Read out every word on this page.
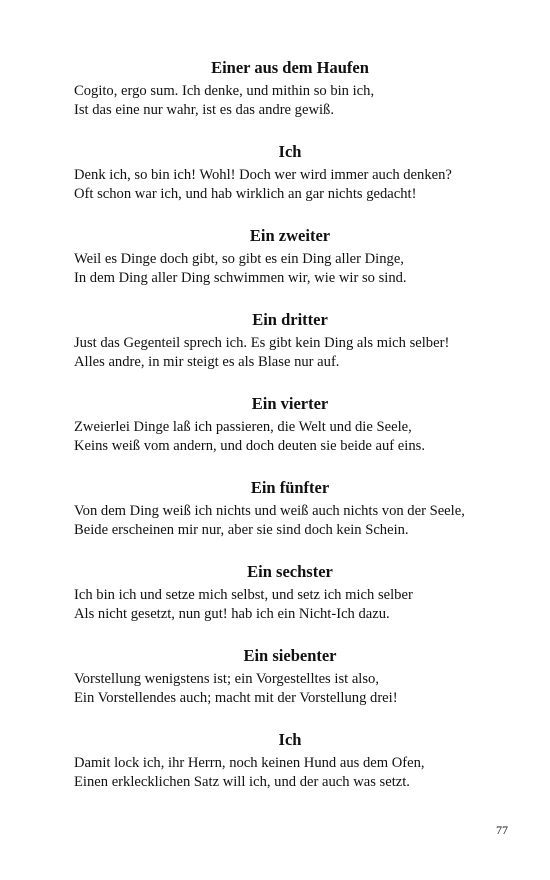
Einer aus dem Haufen
Cogito, ergo sum. Ich denke, und mithin so bin ich,
Ist das eine nur wahr, ist es das andre gewiß.
Ich
Denk ich, so bin ich! Wohl! Doch wer wird immer auch denken?
Oft schon war ich, und hab wirklich an gar nichts gedacht!
Ein zweiter
Weil es Dinge doch gibt, so gibt es ein Ding aller Dinge,
In dem Ding aller Ding schwimmen wir, wie wir so sind.
Ein dritter
Just das Gegenteil sprech ich. Es gibt kein Ding als mich selber!
Alles andre, in mir steigt es als Blase nur auf.
Ein vierter
Zweierlei Dinge laß ich passieren, die Welt und die Seele,
Keins weiß vom andern, und doch deuten sie beide auf eins.
Ein fünfter
Von dem Ding weiß ich nichts und weiß auch nichts von der Seele,
Beide erscheinen mir nur, aber sie sind doch kein Schein.
Ein sechster
Ich bin ich und setze mich selbst, und setz ich mich selber
Als nicht gesetzt, nun gut! hab ich ein Nicht-Ich dazu.
Ein siebenter
Vorstellung wenigstens ist; ein Vorgestelltes ist also,
Ein Vorstellendes auch; macht mit der Vorstellung drei!
Ich
Damit lock ich, ihr Herrn, noch keinen Hund aus dem Ofen,
Einen erklecklichen Satz will ich, und der auch was setzt.
77
